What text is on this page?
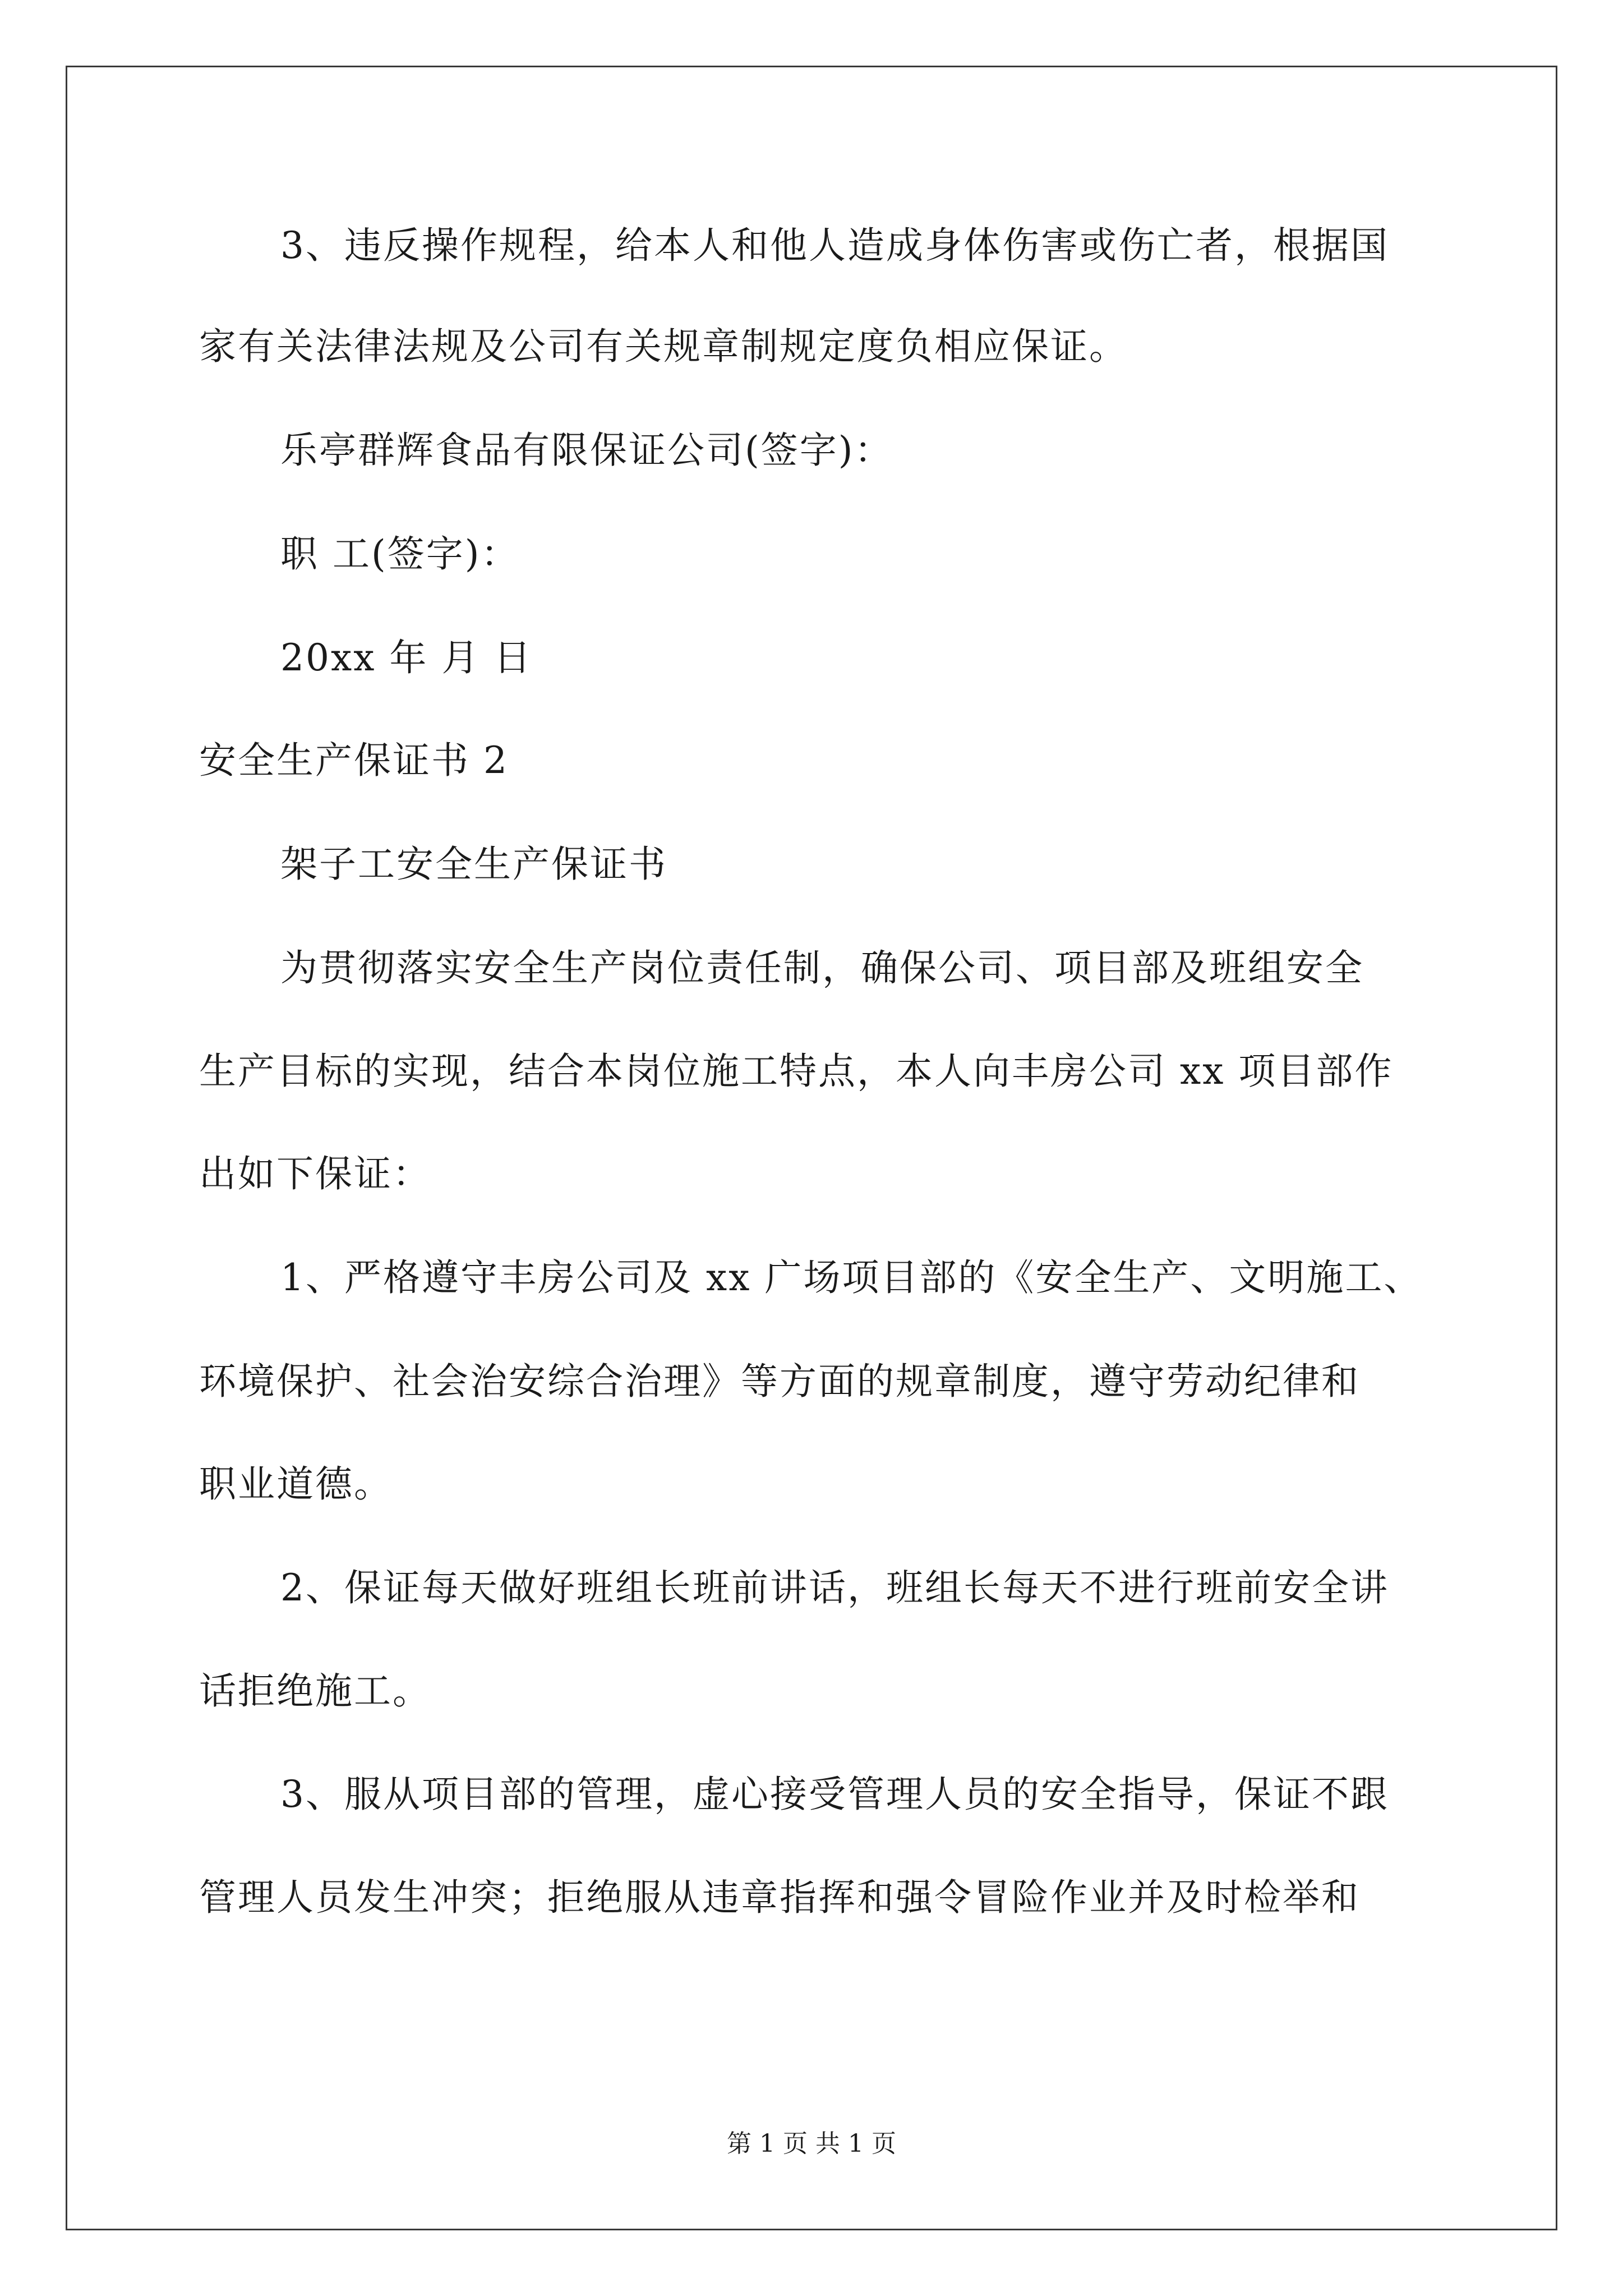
3、违反操作规程，给本人和他人造成身体伤害或伤亡者，根据国
家有关法律法规及公司有关规章制规定度负相应保证。
乐亭群辉食品有限保证公司(签字)：
职 工(签字)：
20xx 年 月 日
安全生产保证书 2
架子工安全生产保证书
为贯彻落实安全生产岗位责任制，确保公司、项目部及班组安全
生产目标的实现，结合本岗位施工特点，本人向丰房公司 xx 项目部作
出如下保证：
1、严格遵守丰房公司及 xx 广场项目部的《安全生产、文明施工、
环境保护、社会治安综合治理》等方面的规章制度，遵守劳动纪律和
职业道德。
2、保证每天做好班组长班前讲话，班组长每天不进行班前安全讲
话拒绝施工。
3、服从项目部的管理，虚心接受管理人员的安全指导，保证不跟
管理人员发生冲突；拒绝服从违章指挥和强令冒险作业并及时检举和
第 1 页 共 1 页
